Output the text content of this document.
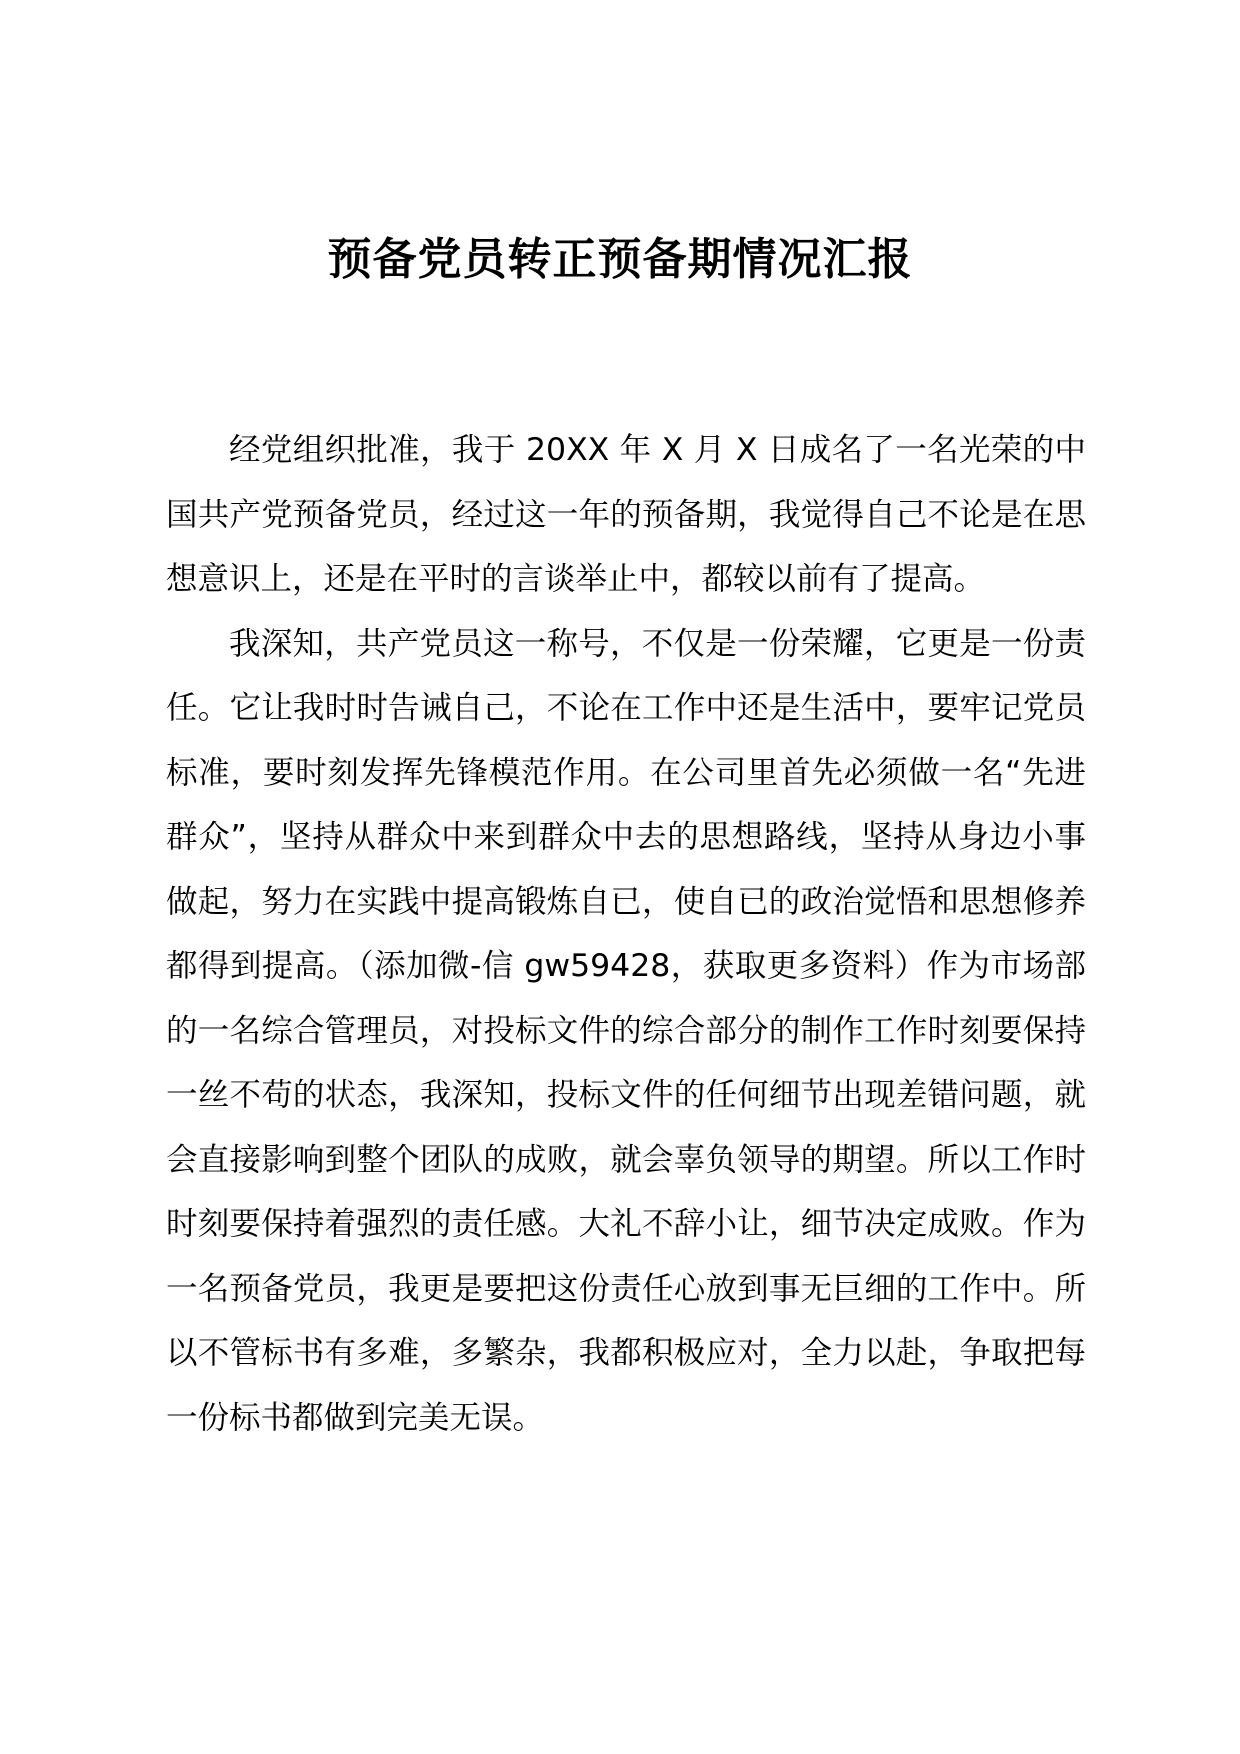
预备党员转正预备期情况汇报

经党组织批准，我于 20XX 年 X 月 X 日成名了一名光荣的中国共产党预备党员，经过这一年的预备期，我觉得自己不论是在思想意识上，还是在平时的言谈举止中，都较以前有了提高。

我深知，共产党员这一称号，不仅是一份荣耀，它更是一份责任。它让我时时告诫自己，不论在工作中还是生活中，要牢记党员标准，要时刻发挥先锋模范作用。在公司里首先必须做一名“先进群众”，坚持从群众中来到群众中去的思想路线，坚持从身边小事做起，努力在实践中提高锻炼自已，使自已的政治觉悟和思想修养都得到提高。（添加微-信 gw59428，获取更多资料）作为市场部的一名综合管理员，对投标文件的综合部分的制作工作时刻要保持一丝不苟的状态，我深知，投标文件的任何细节出现差错问题，就会直接影响到整个团队的成败，就会辜负领导的期望。所以工作时时刻要保持着强烈的责任感。大礼不辞小让，细节决定成败。作为一名预备党员，我更是要把这份责任心放到事无巨细的工作中。所以不管标书有多难，多繁杂，我都积极应对，全力以赴，争取把每一份标书都做到完美无误。
